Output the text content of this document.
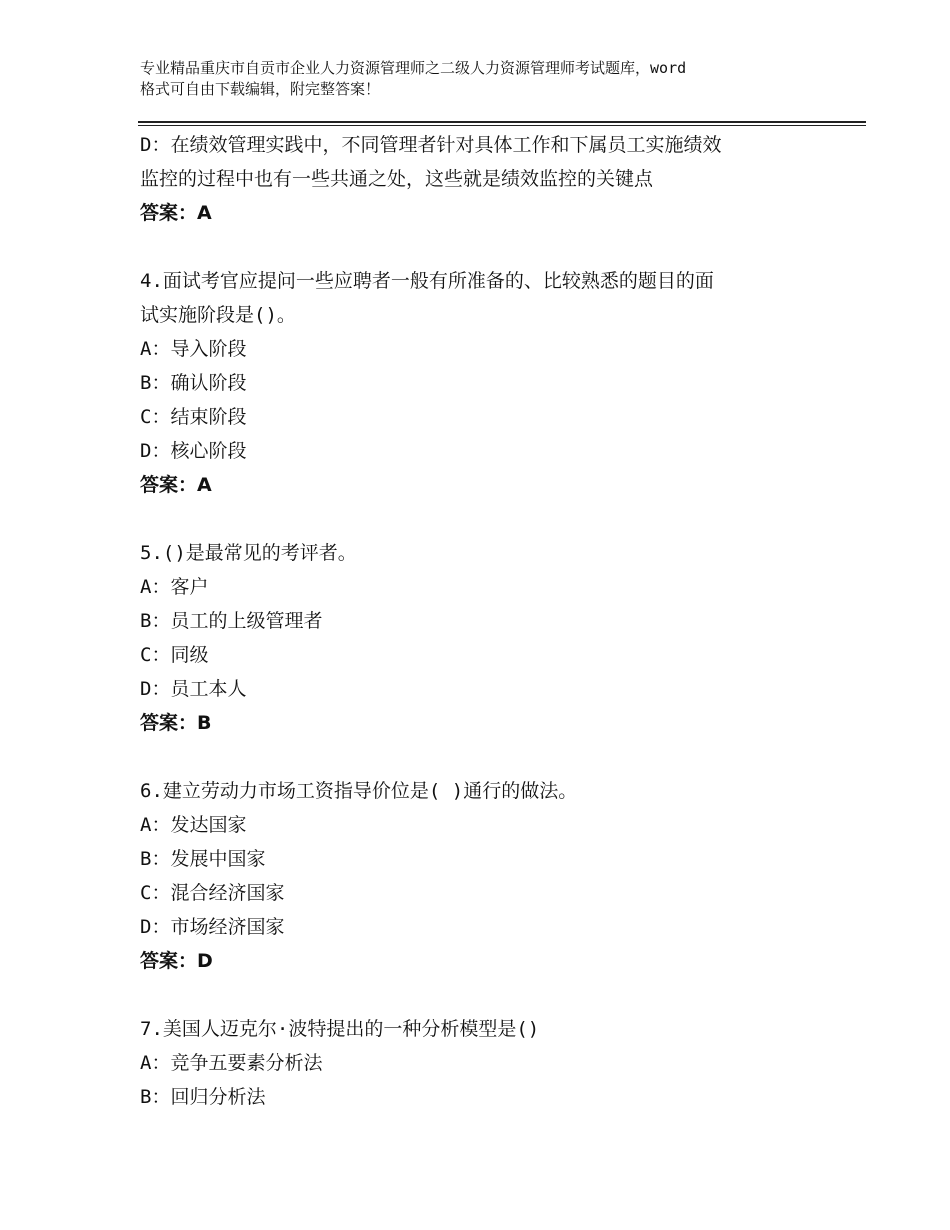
专业精品重庆市自贡市企业人力资源管理师之二级人力资源管理师考试题库，word
格式可自由下载编辑，附完整答案！
D：在绩效管理实践中，不同管理者针对具体工作和下属员工实施绩效
监控的过程中也有一些共通之处，这些就是绩效监控的关键点
答案：A
4.面试考官应提问一些应聘者一般有所准备的、比较熟悉的题目的面
试实施阶段是()。
A：导入阶段
B：确认阶段
C：结束阶段
D：核心阶段
答案：A
5.()是最常见的考评者。
A：客户
B：员工的上级管理者
C：同级
D：员工本人
答案：B
6.建立劳动力市场工资指导价位是( )通行的做法。
A：发达国家
B：发展中国家
C：混合经济国家
D：市场经济国家
答案：D
7.美国人迈克尔·波特提出的一种分析模型是()
A：竞争五要素分析法
B：回归分析法
